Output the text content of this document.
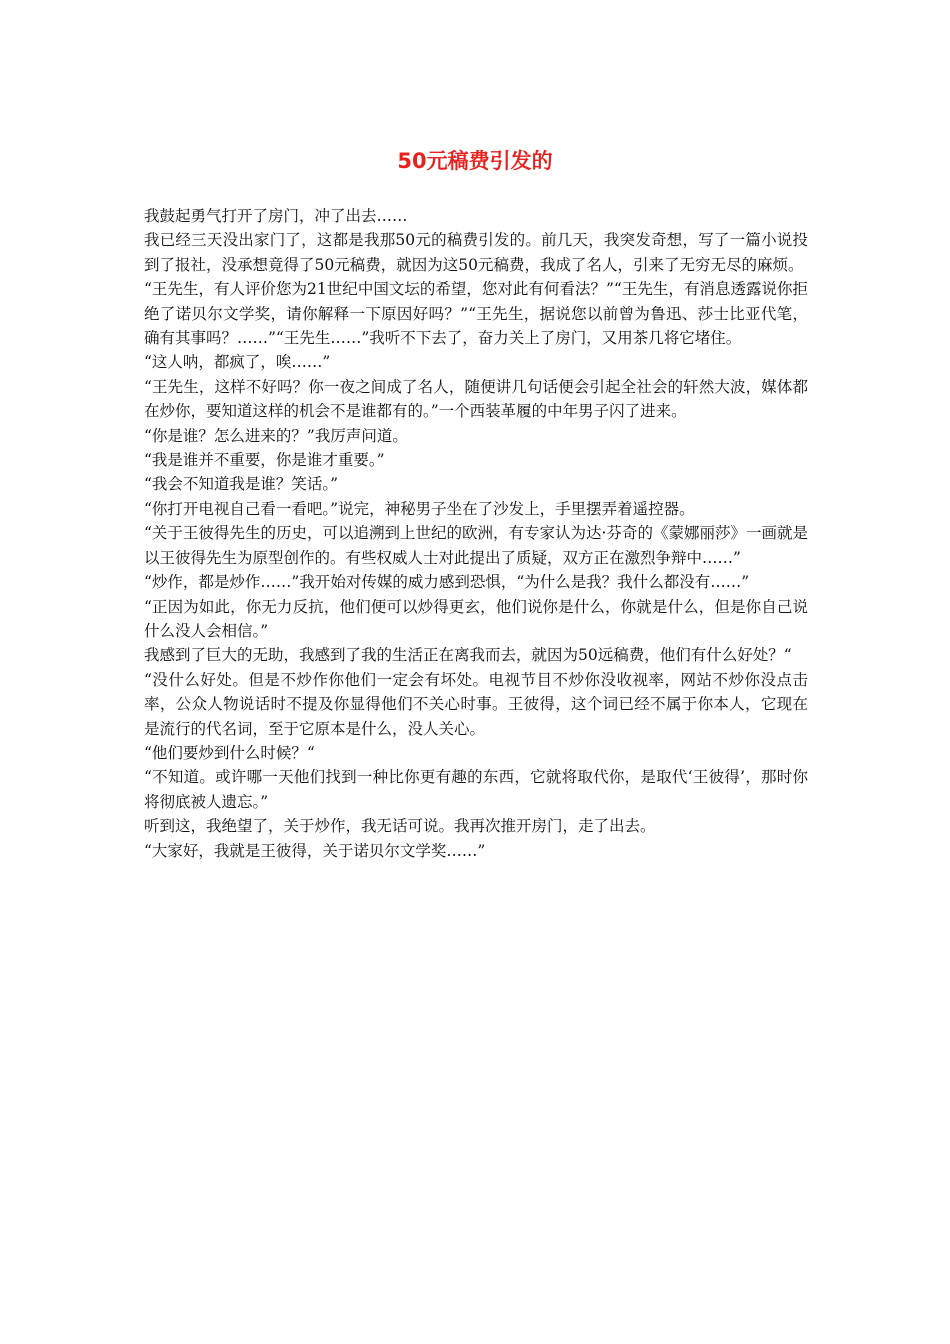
50元稿费引发的

我鼓起勇气打开了房门，冲了出去……

我已经三天没出家门了，这都是我那50元的稿费引发的。前几天，我突发奇想，写了一篇小说投到了报社，没承想竟得了50元稿费，就因为这50元稿费，我成了名人，引来了无穷无尽的麻烦。

“王先生，有人评价您为21世纪中国文坛的希望，您对此有何看法？”“王先生，有消息透露说你拒绝了诺贝尔文学奖，请你解释一下原因好吗？”“王先生，据说您以前曾为鲁迅、莎士比亚代笔，确有其事吗？……”“王先生……”我听不下去了，奋力关上了房门，又用茶几将它堵住。

“这人呐，都疯了，唉……”

“王先生，这样不好吗？你一夜之间成了名人，随便讲几句话便会引起全社会的轩然大波，媒体都在炒你，要知道这样的机会不是谁都有的。”一个西装革履的中年男子闪了进来。

“你是谁？怎么进来的？”我厉声问道。

“我是谁并不重要，你是谁才重要。”

“我会不知道我是谁？笑话。”

“你打开电视自己看一看吧。”说完，神秘男子坐在了沙发上，手里摆弄着遥控器。

“关于王彼得先生的历史，可以追溯到上世纪的欧洲，有专家认为达·芬奇的《蒙娜丽莎》一画就是以王彼得先生为原型创作的。有些权威人士对此提出了质疑，双方正在激烈争辩中……”

“炒作，都是炒作……”我开始对传媒的威力感到恐惧，“为什么是我？我什么都没有……”

“正因为如此，你无力反抗，他们便可以炒得更玄，他们说你是什么，你就是什么，但是你自己说什么没人会相信。”

我感到了巨大的无助，我感到了我的生活正在离我而去，就因为50远稿费，他们有什么好处？“

“没什么好处。但是不炒作你他们一定会有坏处。电视节目不炒你没收视率，网站不炒你没点击率，公众人物说话时不提及你显得他们不关心时事。王彼得，这个词已经不属于你本人，它现在是流行的代名词，至于它原本是什么，没人关心。

“他们要炒到什么时候？“

“不知道。或许哪一天他们找到一种比你更有趣的东西，它就将取代你，是取代‘王彼得’，那时你将彻底被人遗忘。”

听到这，我绝望了，关于炒作，我无话可说。我再次推开房门，走了出去。

“大家好，我就是王彼得，关于诺贝尔文学奖……”
